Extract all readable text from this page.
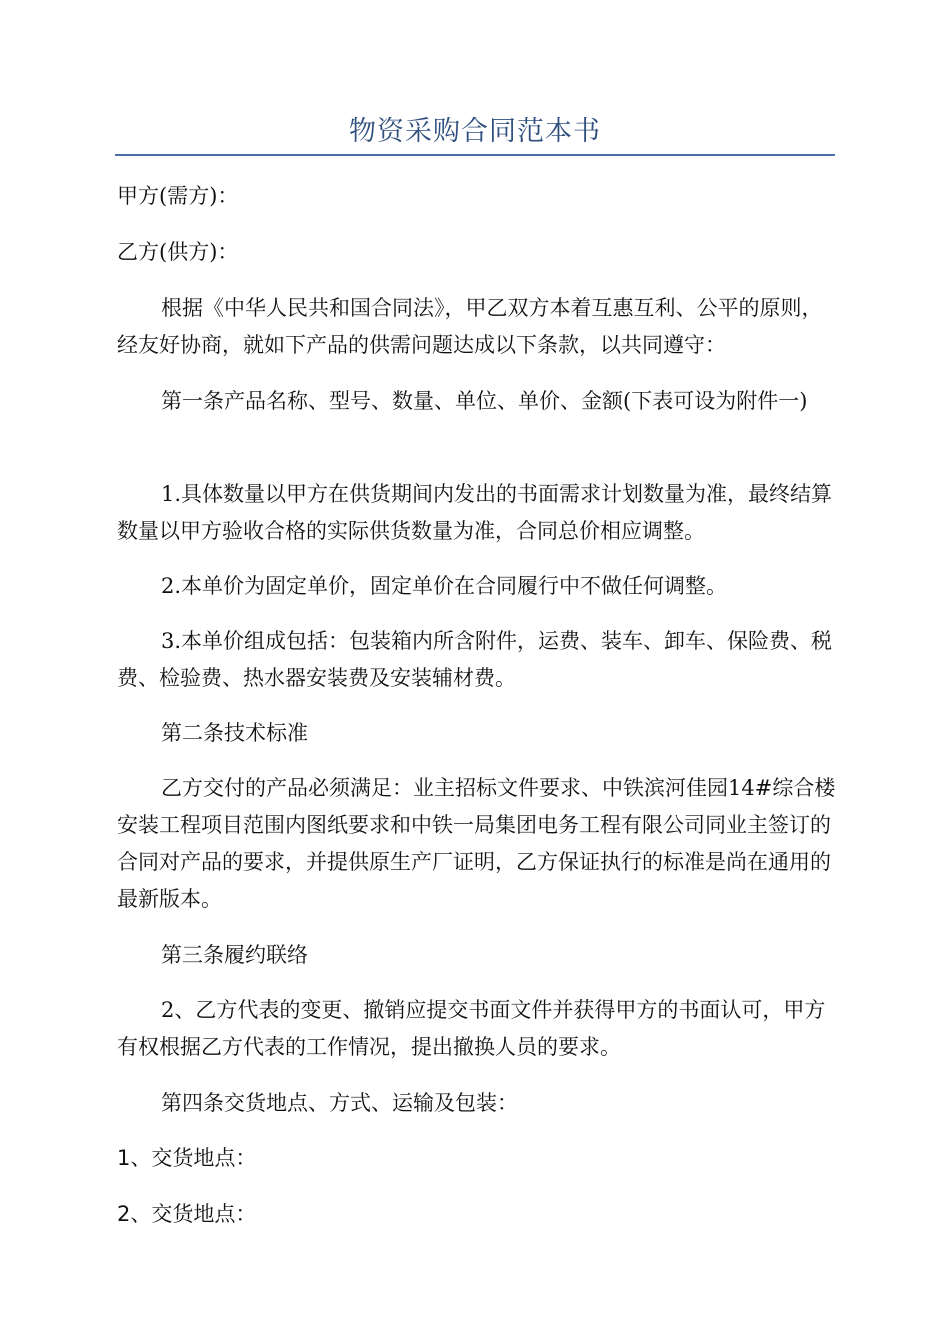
物资采购合同范本书

甲方(需方)：

乙方(供方)：

根据《中华人民共和国合同法》，甲乙双方本着互惠互利、公平的原则，经友好协商，就如下产品的供需问题达成以下条款，以共同遵守：

第一条产品名称、型号、数量、单位、单价、金额(下表可设为附件一)

1.具体数量以甲方在供货期间内发出的书面需求计划数量为准，最终结算数量以甲方验收合格的实际供货数量为准，合同总价相应调整。

2.本单价为固定单价，固定单价在合同履行中不做任何调整。

3.本单价组成包括：包装箱内所含附件，运费、装车、卸车、保险费、税费、检验费、热水器安装费及安装辅材费。

第二条技术标准

乙方交付的产品必须满足：业主招标文件要求、中铁滨河佳园14#综合楼安装工程项目范围内图纸要求和中铁一局集团电务工程有限公司同业主签订的合同对产品的要求，并提供原生产厂证明，乙方保证执行的标准是尚在通用的最新版本。

第三条履约联络

2、乙方代表的变更、撤销应提交书面文件并获得甲方的书面认可，甲方有权根据乙方代表的工作情况，提出撤换人员的要求。

第四条交货地点、方式、运输及包装：

1、交货地点：

2、交货地点：
